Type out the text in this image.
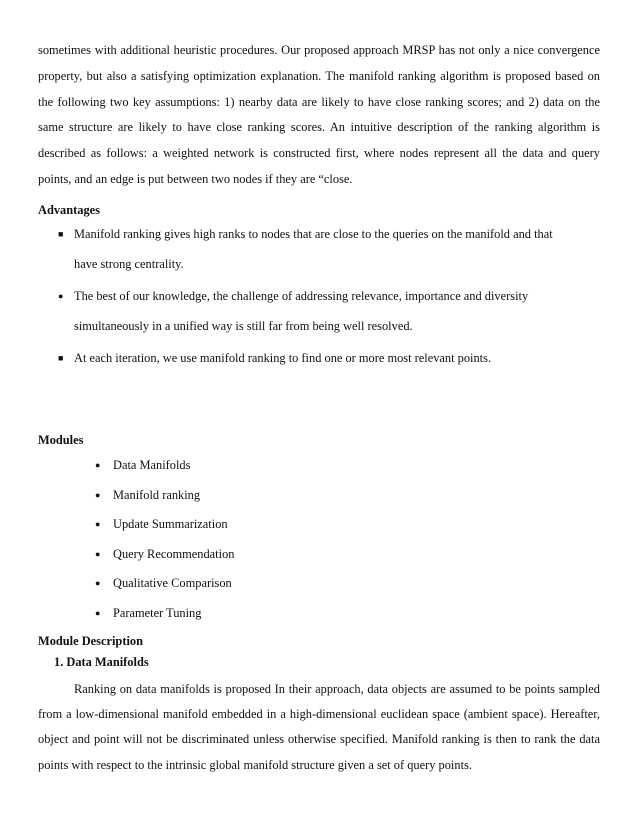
sometimes with additional heuristic procedures. Our proposed approach MRSP has not only a nice convergence property, but also a satisfying optimization explanation. The manifold ranking algorithm is proposed based on the following two key assumptions: 1) nearby data are likely to have close ranking scores; and 2) data on the same structure are likely to have close ranking scores. An intuitive description of the ranking algorithm is described as follows: a weighted network is constructed first, where nodes represent all the data and query points, and an edge is put between two nodes if they are “close.
Advantages
■ Manifold ranking gives high ranks to nodes that are close to the queries on the manifold and that have strong centrality.
● The best of our knowledge, the challenge of addressing relevance, importance and diversity simultaneously in a unified way is still far from being well resolved.
■ At each iteration, we use manifold ranking to find one or more most relevant points.
Modules
● Data Manifolds
● Manifold ranking
● Update Summarization
● Query Recommendation
● Qualitative Comparison
● Parameter Tuning
Module Description
1. Data Manifolds
Ranking on data manifolds is proposed In their approach, data objects are assumed to be points sampled from a low-dimensional manifold embedded in a high-dimensional euclidean space (ambient space). Hereafter, object and point will not be discriminated unless otherwise specified. Manifold ranking is then to rank the data points with respect to the intrinsic global manifold structure given a set of query points.
